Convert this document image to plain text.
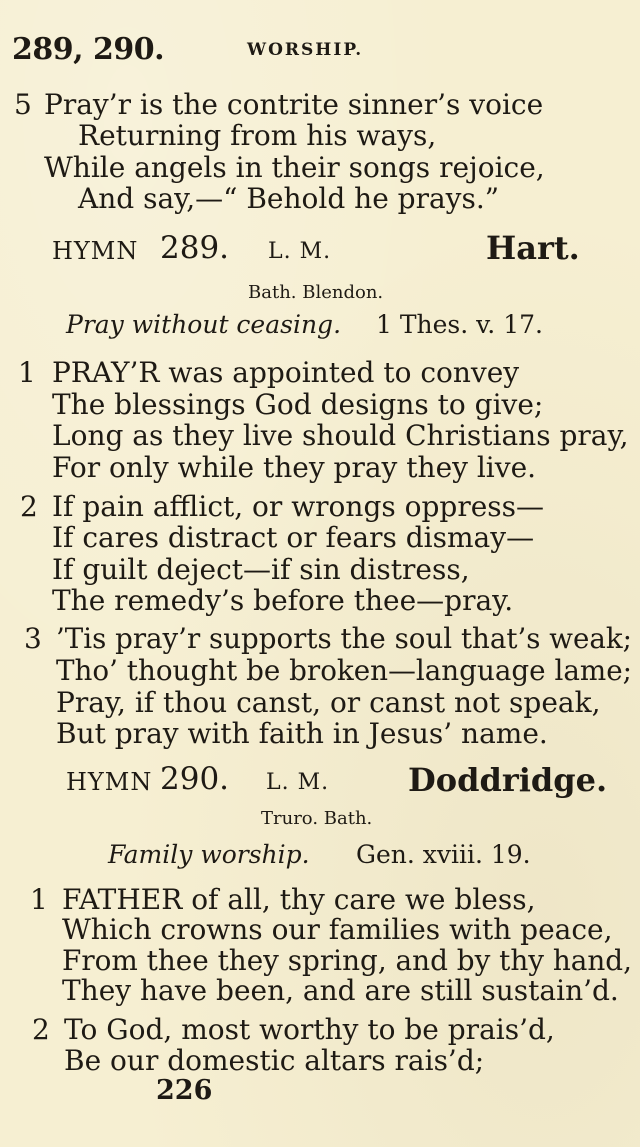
289, 290.	WORSHIP.
5 Pray’r is the contrite sinner’s voice
Returning from his ways,
While angels in their songs rejoice,
And say,—“ Behold he prays.”
HYMN 289. L. M.	Hart.
Bath. Blendon.
Pray without ceasing. 1 Thes. v. 17.
1 PRAY’R was appointed to convey
The blessings God designs to give;
Long as they live should Christians pray,
For only while they pray they live.
2 If pain afflict, or wrongs oppress—
If cares distract or fears dismay—
If guilt deject—if sin distress,
The remedy’s before thee—pray.
3 ’Tis pray’r supports the soul that’s weak;
Tho’ thought be broken—language lame;
Pray, if thou canst, or canst not speak,
But pray with faith in Jesus’ name.
HYMN 290. L. M. Doddridge.
Truro. Bath.
Family worship. Gen. xviii. 19.
1 FATHER of all, thy care we bless,
Which crowns our families with peace,
From thee they spring, and by thy hand,
They have been, and are still sustain’d.
2 To God, most worthy to be prais’d,
Be our domestic altars rais’d;
226
